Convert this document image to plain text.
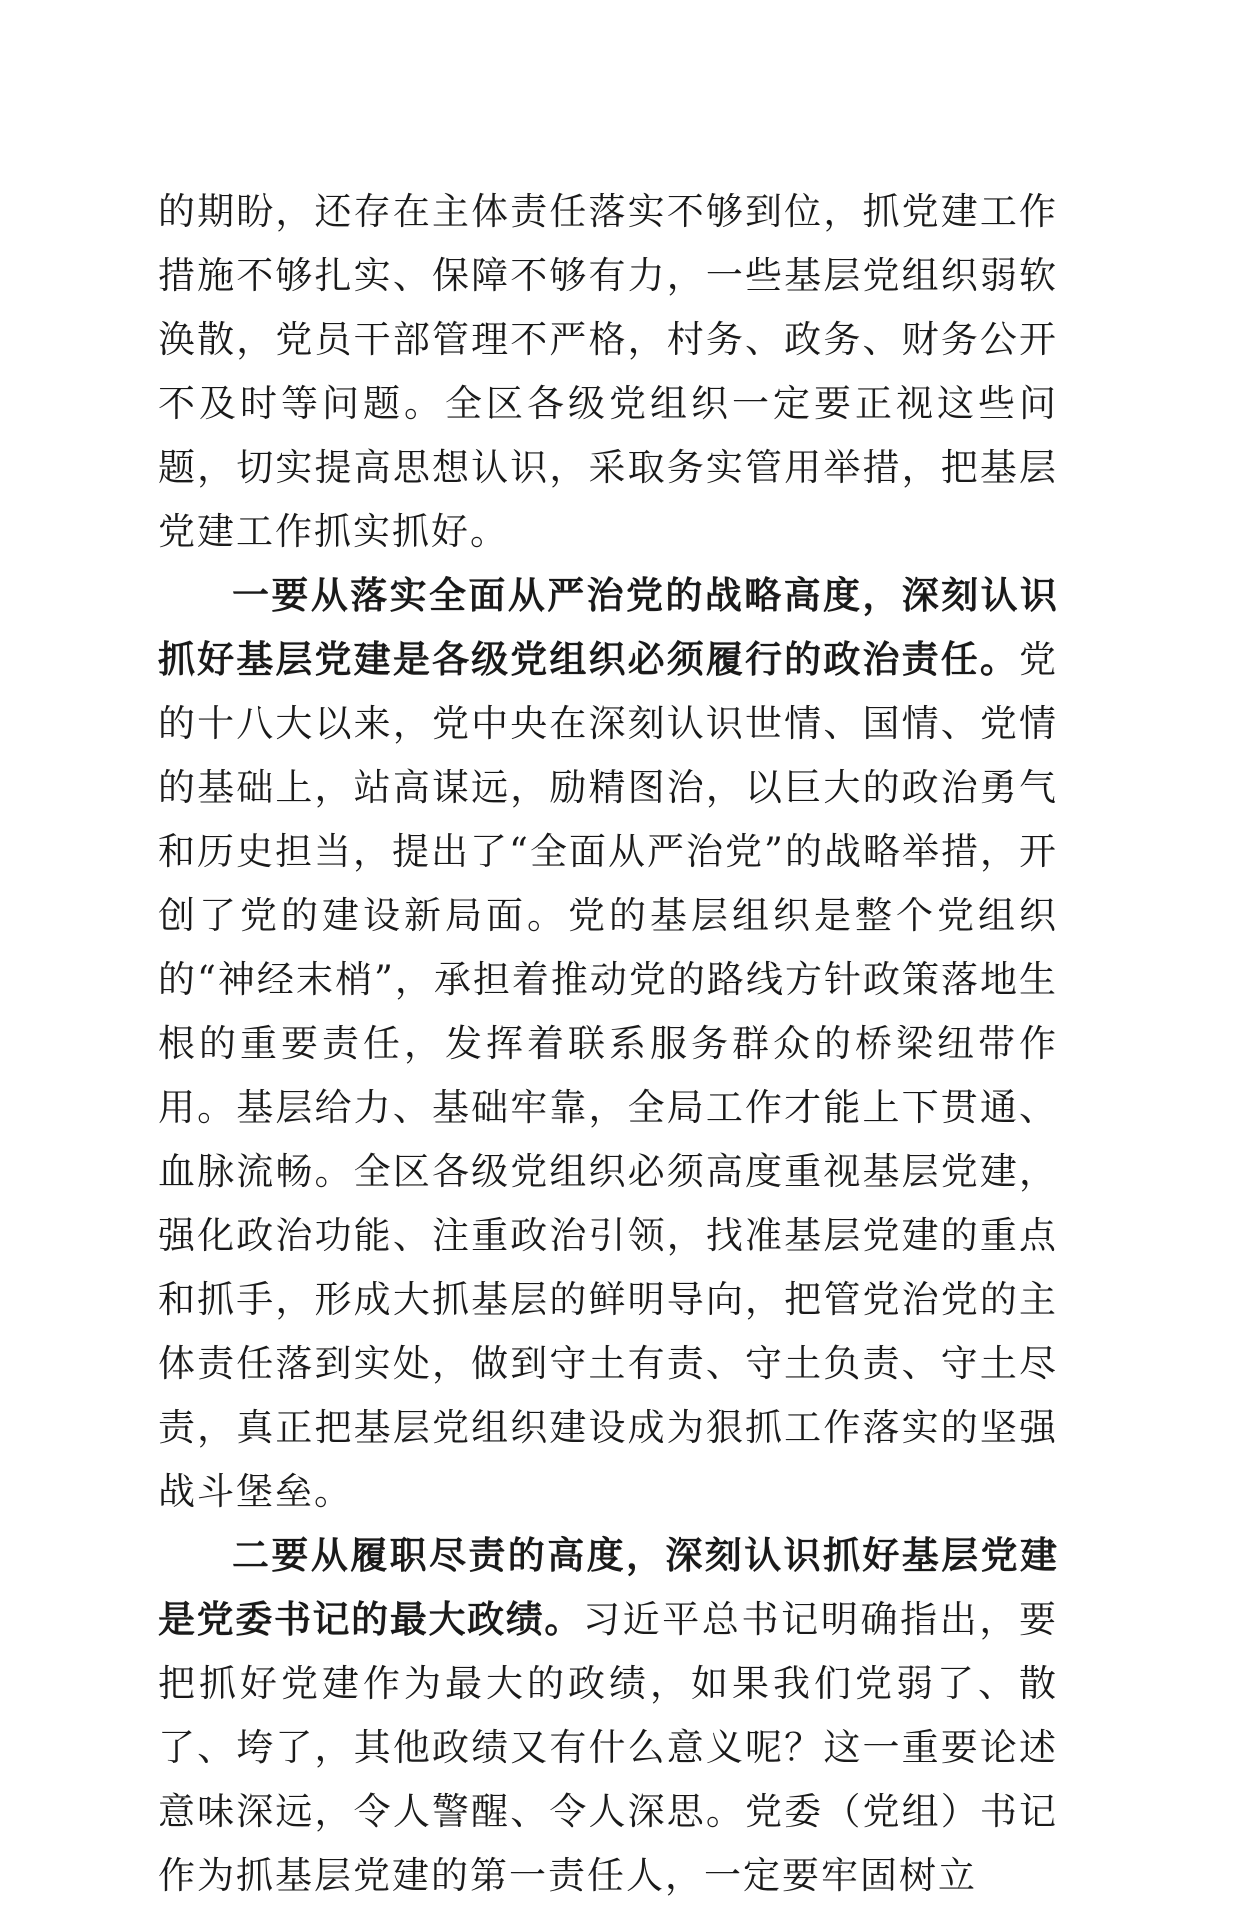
的期盼，还存在主体责任落实不够到位，抓党建工作措施不够扎实、保障不够有力，一些基层党组织弱软涣散，党员干部管理不严格，村务、政务、财务公开不及时等问题。全区各级党组织一定要正视这些问题，切实提高思想认识，采取务实管用举措，把基层党建工作抓实抓好。

一要从落实全面从严治党的战略高度，深刻认识抓好基层党建是各级党组织必须履行的政治责任。党的十八大以来，党中央在深刻认识世情、国情、党情的基础上，站高谋远，励精图治，以巨大的政治勇气和历史担当，提出了“全面从严治党”的战略举措，开创了党的建设新局面。党的基层组织是整个党组织的“神经末梢”，承担着推动党的路线方针政策落地生根的重要责任，发挥着联系服务群众的桥梁纽带作用。基层给力、基础牢靠，全局工作才能上下贯通、血脉流畅。全区各级党组织必须高度重视基层党建，强化政治功能、注重政治引领，找准基层党建的重点和抓手，形成大抓基层的鲜明导向，把管党治党的主体责任落到实处，做到守土有责、守土负责、守土尽责，真正把基层党组织建设成为狠抓工作落实的坚强战斗堡垒。

二要从履职尽责的高度，深刻认识抓好基层党建是党委书记的最大政绩。习近平总书记明确指出，要把抓好党建作为最大的政绩，如果我们党弱了、散了、垮了，其他政绩又有什么意义呢？这一重要论述意味深远，令人警醒、令人深思。党委（党组）书记作为抓基层党建的第一责任人，一定要牢固树立
